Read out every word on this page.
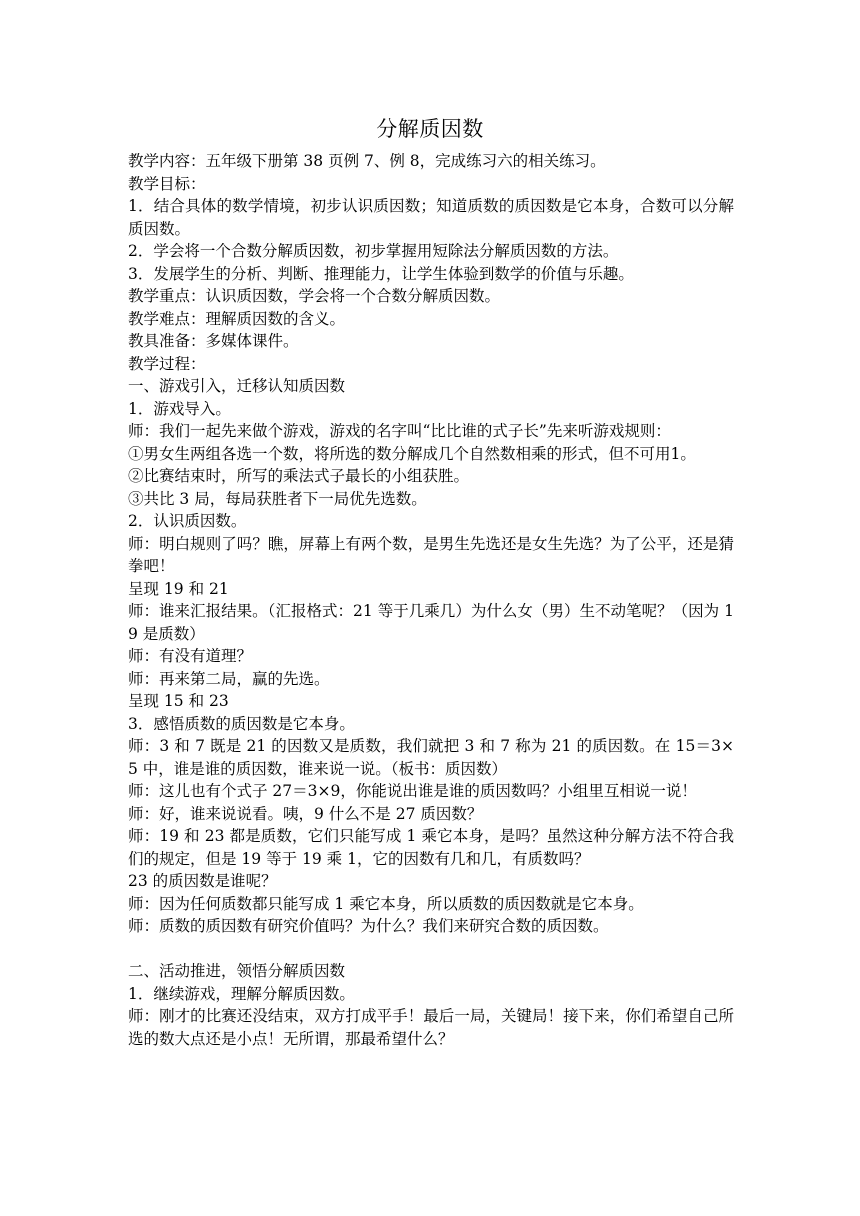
分解质因数

教学内容：五年级下册第 38 页例 7、例 8，完成练习六的相关练习。

教学目标：

1．结合具体的数学情境，初步认识质因数；知道质数的质因数是它本身，合数可以分解质因数。

2．学会将一个合数分解质因数，初步掌握用短除法分解质因数的方法。

3．发展学生的分析、判断、推理能力，让学生体验到数学的价值与乐趣。

教学重点：认识质因数，学会将一个合数分解质因数。

教学难点：理解质因数的含义。

教具准备：多媒体课件。

教学过程：

一、游戏引入，迁移认知质因数

1．游戏导入。

师：我们一起先来做个游戏，游戏的名字叫“比比谁的式子长”先来听游戏规则：

①男女生两组各选一个数，将所选的数分解成几个自然数相乘的形式，但不可用1。

②比赛结束时，所写的乘法式子最长的小组获胜。

③共比 3 局，每局获胜者下一局优先选数。

2．认识质因数。

师：明白规则了吗？瞧，屏幕上有两个数，是男生先选还是女生先选？为了公平，还是猜拳吧！

呈现 19 和 21

师：谁来汇报结果。（汇报格式：21 等于几乘几）为什么女（男）生不动笔呢？（因为 19 是质数）

师：有没有道理？

师：再来第二局，赢的先选。

呈现 15 和 23

3．感悟质数的质因数是它本身。

师：3 和 7 既是 21 的因数又是质数，我们就把 3 和 7 称为 21 的质因数。在 15＝3×5 中，谁是谁的质因数，谁来说一说。（板书：质因数）

师：这儿也有个式子 27＝3×9，你能说出谁是谁的质因数吗？小组里互相说一说！

师：好，谁来说说看。咦，9 什么不是 27 质因数？

师：19 和 23 都是质数，它们只能写成 1 乘它本身，是吗？虽然这种分解方法不符合我们的规定，但是 19 等于 19 乘 1，它的因数有几和几，有质数吗？

23 的质因数是谁呢？

师：因为任何质数都只能写成 1 乘它本身，所以质数的质因数就是它本身。

师：质数的质因数有研究价值吗？为什么？我们来研究合数的质因数。

二、活动推进，领悟分解质因数

1．继续游戏，理解分解质因数。

师：刚才的比赛还没结束，双方打成平手！最后一局，关键局！接下来，你们希望自己所选的数大点还是小点！无所谓，那最希望什么？
